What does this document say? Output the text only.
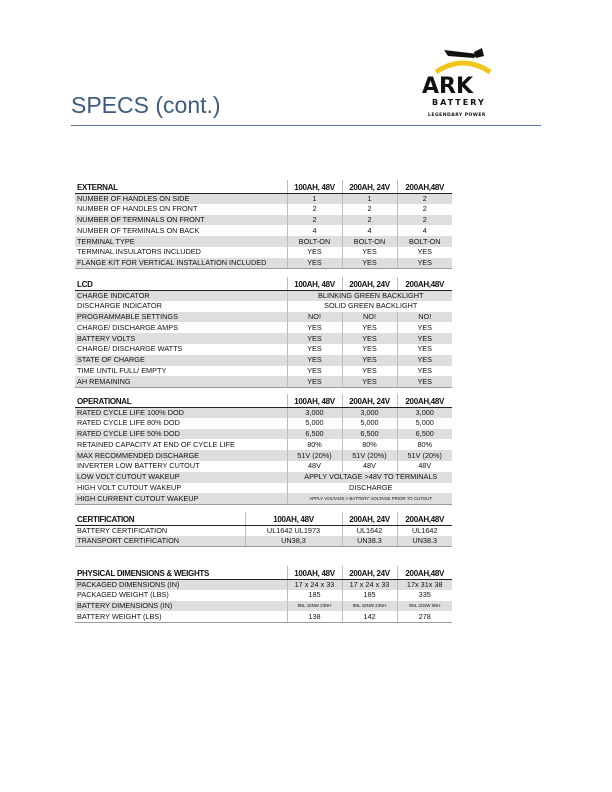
SPECS (cont.)
ARK
BATTERY
LEGENDARY POWER
EXTERNAL	100AH, 48V	200AH, 24V	200AH,48V
NUMBER OF HANDLES ON SIDE	1	1	2
NUMBER OF HANDLES ON FRONT	2	2	2
NUMBER OF TERMINALS ON FRONT	2	2	2
NUMBER OF TERMINALS ON BACK	4	4	4
TERMINAL TYPE	BOLT-ON	BOLT-ON	BOLT-ON
TERMINAL INSULATORS INCLUDED	YES	YES	YES
FLANGE KIT FOR VERTICAL INSTALLATION INCLUDED	YES	YES	YES
LCD	100AH, 48V	200AH, 24V	200AH,48V
CHARGE INDICATOR	BLINKING GREEN BACKLIGHT		
DISCHARGE INDICATOR	SOLID GREEN BACKLIGHT		
PROGRAMMABLE SETTINGS	NO!	NO!	NO!
CHARGE/ DISCHARGE AMPS	YES	YES	YES
BATTERY VOLTS	YES	YES	YES
CHARGE/ DISCHARGE WATTS	YES	YES	YES
STATE OF CHARGE	YES	YES	YES
TIME UNTIL FULL/ EMPTY	YES	YES	YES
AH REMAINING	YES	YES	YES
OPERATIONAL	100AH, 48V	200AH, 24V	200AH,48V
RATED CYCLE LIFE 100% DOD	3,000	3,000	3,000
RATED CYCLE LIFE 80% DOD	5,000	5,000	5,000
RATED CYCLE LIFE 50% DOD	6,500	6,500	6,500
RETAINED CAPACITY AT END OF CYCLE LIFE	80%	80%	80%
MAX RECOMMENDED DISCHARGE	51V (20%)	51V (20%)	51V (20%)
INVERTER LOW BATTERY CUTOUT	48V	48V	48V
LOW VOLT CUTOUT WAKEUP	APPLY VOLTAGE >48V TO TERMINALS		
HIGH VOLT CUTOUT WAKEUP	DISCHARGE		
HIGH CURRENT CUTOUT WAKEUP	APPLY VOLTAGE > BATTERY VOLTAGE PRIOR TO CUTOUT		
CERTIFICATION	100AH, 48V	200AH, 24V	200AH,48V
BATTERY CERTIFICATION	UL1642 UL1973	UL1642	UL1642
TRANSPORT CERTIFICATION	UN38,3	UN38.3	UN38.3
PHYSICAL DIMENSIONS & WEIGHTS	100AH, 48V	200AH, 24V	200AH,48V
PACKAGED DIMENSIONS (IN)	17 x 24 x 33	17 x 24 x 33	17x 31x 38
PACKAGED WEIGHT (LBS)	185	185	335
BATTERY DIMENSIONS (IN)	9NL 15NW 23NH	9NL 15NW 23NH	9NL 31NW 9NH
BATTERY WEIGHT (LBS)	138	142	278
